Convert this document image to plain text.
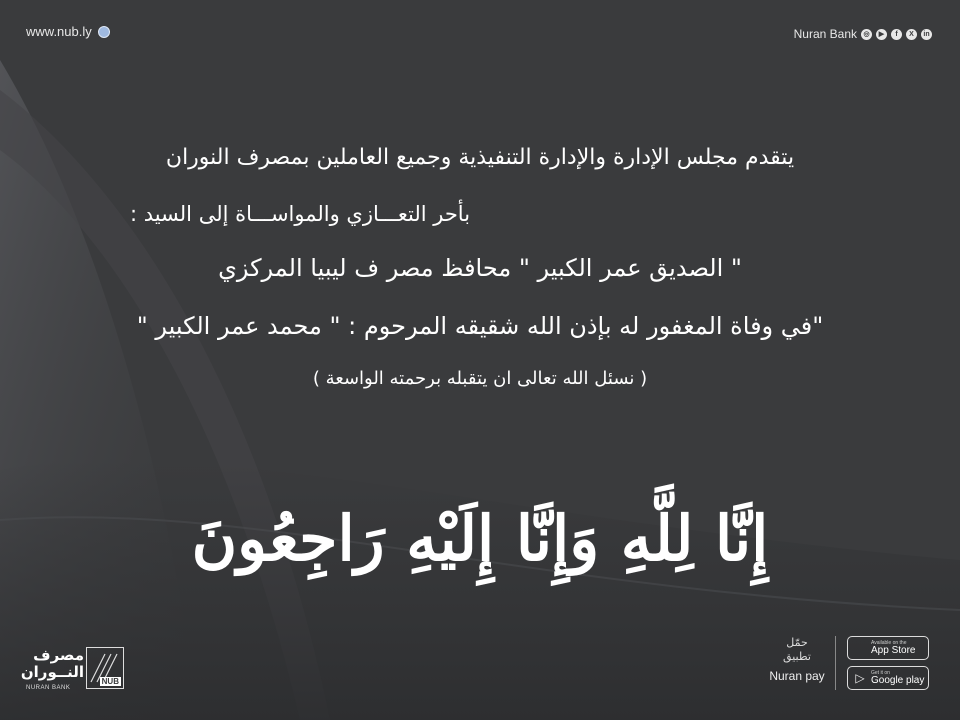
www.nub.ly	Nuran Bank ◎	▶	f	X	in
يتقدم مجلس الإدارة والإدارة التنفيذية وجميع العاملين بمصرف النوران
بأحر التعـــازي والمواســـاة إلى السيد :
" الصديق عمر الكبير " محافظ مصر ف ليبيا المركزي
"في وفاة المغفور له بإذن الله شقيقه المرحوم : " محمد عمر الكبير "
( نسئل الله تعالى ان يتقبله برحمته الواسعة )
إِنَّا لِلَّهِ وَإِنَّا إِلَيْهِ رَاجِعُونَ
مصرف
النــوران
NURAN BANK
NUB
حمّل
تطبيق
Nuran pay
Available on the
App Store
▷	Get it on
Google play
